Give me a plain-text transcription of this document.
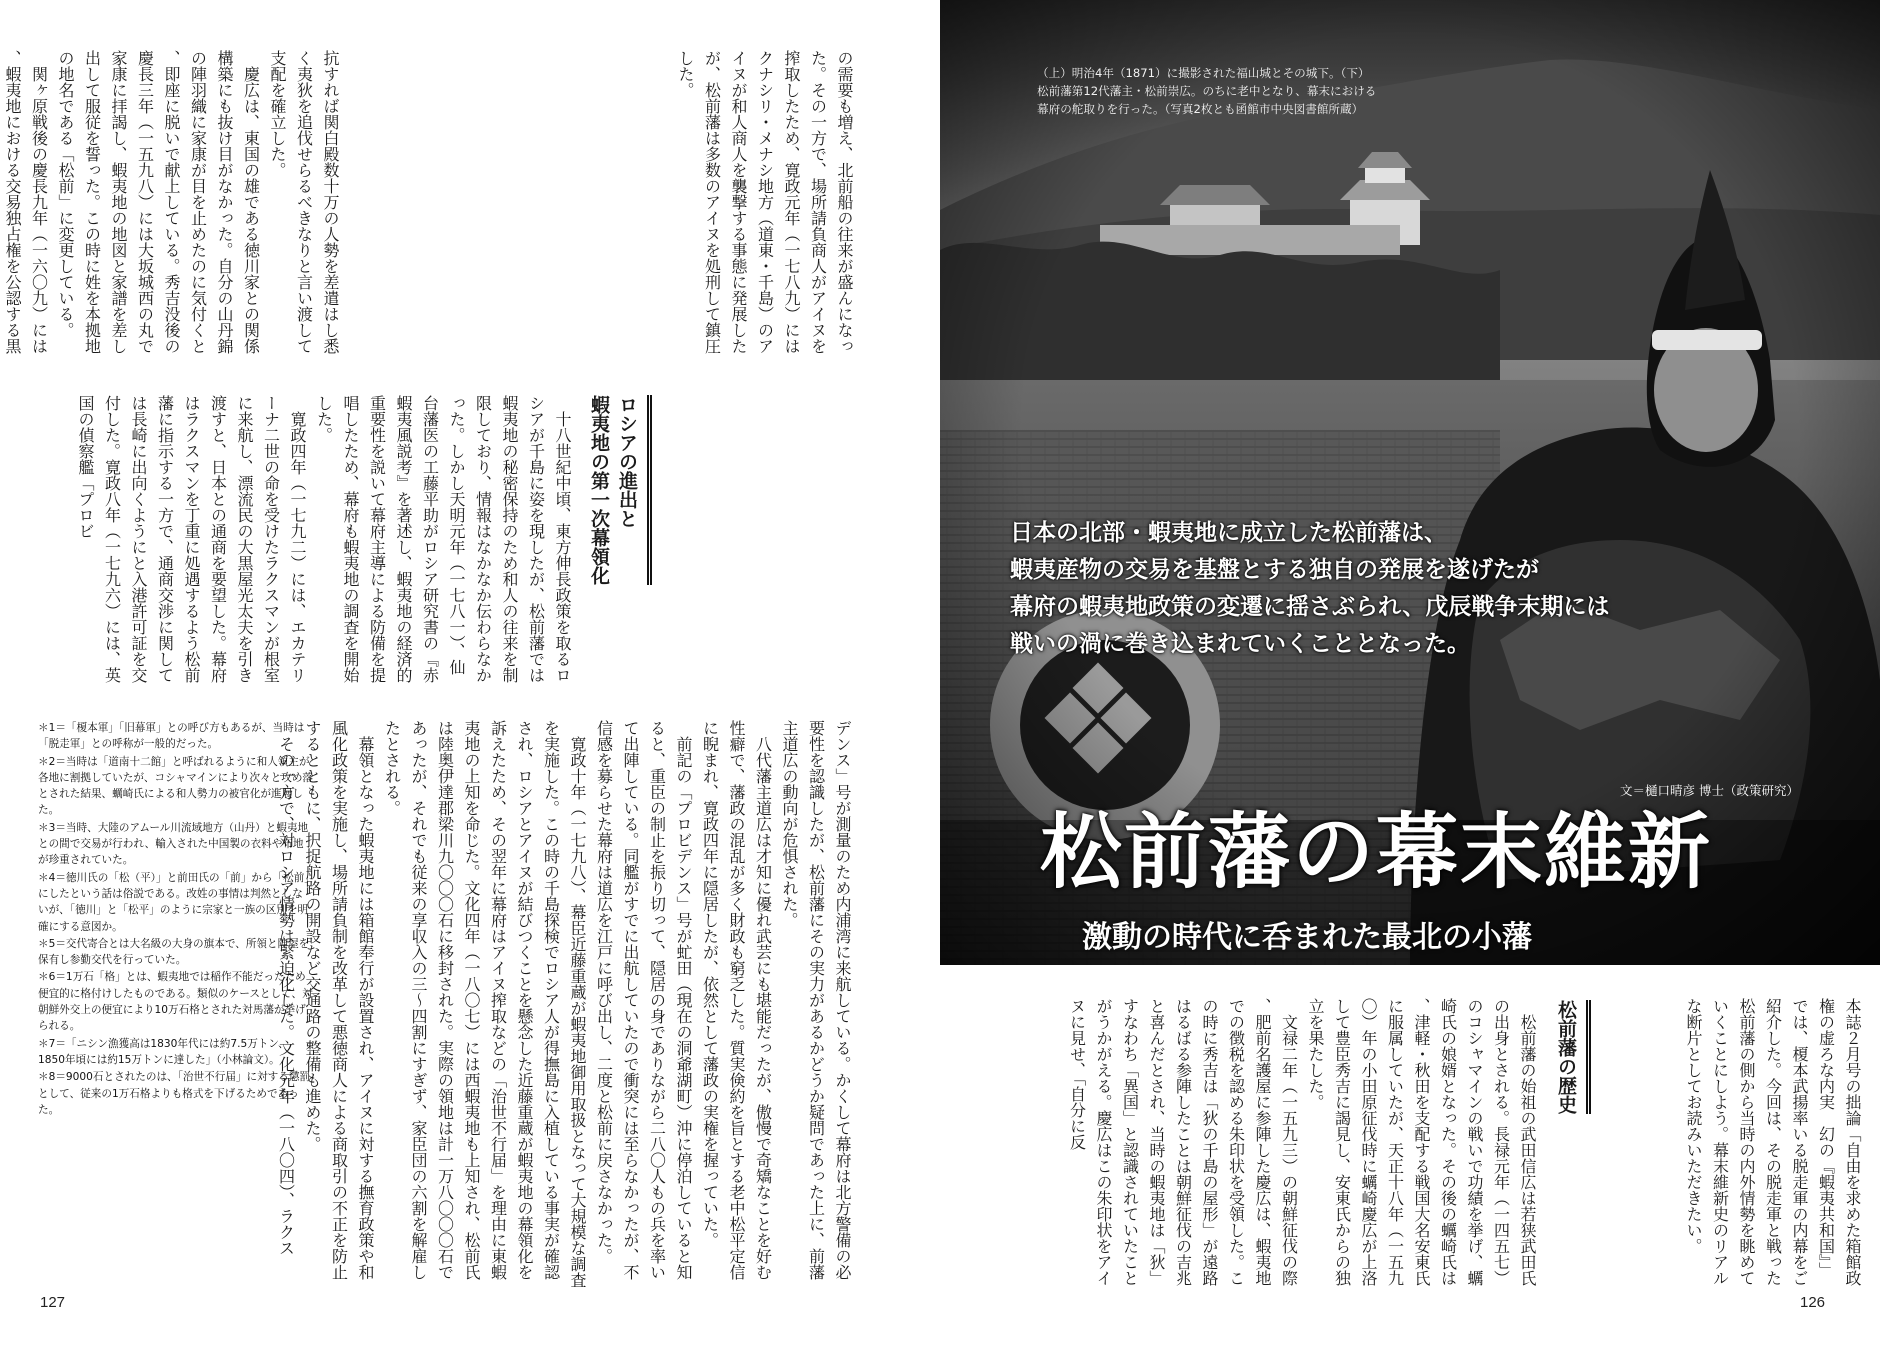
抗すれば関白殿数十万の人勢を差遣はし悉く夷狄を追伐せらるべきなりと言い渡して支配を確立した。
　慶広は、東国の雄である徳川家との関係構築にも抜け目がなかった。自分の山丹錦の陣羽織に家康が目を止めたのに気付くと、即座に脱いで献上している。秀吉没後の慶長三年（一五九八）には大坂城西の丸で家康に拝謁し、蝦夷地の地図と家譜を差し出して服従を誓った。この時に姓を本拠地の地名である「松前」に変更している。
　関ヶ原戦後の慶長九年（一六〇九）には、蝦夷地における交易独占権を公認する黒
　	の需要も増え、北前船の往来が盛んになった。その一方で、場所請負商人がアイヌを搾取したため、寛政元年（一七八九）にはクナシリ・メナシ地方（道東・千島）のアイヌが和人商人を襲撃する事態に発展したが、松前藩は多数のアイヌを処刑して鎮圧した。
ロシアの進出と
蝦夷地の第一次幕領化
　十八世紀中頃、東方伸長政策を取るロシアが千島に姿を現したが、松前藩では蝦夷地の秘密保持のため和人の往来を制限しており、情報はなかなか伝わらなかった。しかし天明元年（一七八一）、仙台藩医の工藤平助がロシア研究書の『赤蝦夷風説考』を著述し、蝦夷地の経済的重要性を説いて幕府主導による防備を提唱したため、幕府も蝦夷地の調査を開始した。
　寛政四年（一七九二）には、エカテリーナ二世の命を受けたラクスマンが根室に来航し、漂流民の大黒屋光太夫を引き渡すと、日本との通商を要望した。幕府はラクスマンを丁重に処遇するよう松前藩に指示する一方で、通商交渉に関しては長崎に出向くようにと入港許可証を交付した。寛政八年（一七九六）には、英国の偵察艦「プロビ
デンス」号が測量のため内浦湾に来航している。かくして幕府は北方警備の必要性を認識したが、松前藩にその実力があるかどうか疑問であった上に、前藩主道広の動向が危惧された。
　八代藩主道広は才知に優れ武芸にも堪能だったが、傲慢で奇矯なことを好む性癖で、藩政の混乱が多く財政も窮乏した。質実倹約を旨とする老中松平定信に睨まれ、寛政四年に隠居したが、依然として藩政の実権を握っていた。
　前記の「プロビデンス」号が虻田（現在の洞爺湖町）沖に停泊していると知ると、重臣の制止を振り切って、隠居の身でありながら二八〇人もの兵を率いて出陣している。同艦がすでに出航していたので衝突には至らなかったが、不信感を募らせた幕府は道広を江戸に呼び出し、二度と松前に戻さなかった。
　寛政十年（一七九八）、幕臣近藤重蔵が蝦夷地御用取扱となって大規模な調査を実施した。この時の千島探検でロシア人が得撫島に入植している事実が確認され、ロシアとアイヌが結びつくことを懸念した近藤重蔵が蝦夷地の幕領化を訴えたため、その翌年に幕府はアイヌ搾取などの「治世不行届」を理由に東蝦夷地の上知を命じた。文化四年（一八〇七）には西蝦夷地も上知され、松前氏は陸奥伊達郡梁川九〇〇〇石に移封された。実際の領地は計一万八〇〇〇石であったが、それでも従来の享収入の三〜四割にすぎず、家臣団の六割を解雇したとされる。
　幕領となった蝦夷地には箱館奉行が設置され、アイヌに対する撫育政策や和風化政策を実施し、場所請負制を改革して悪徳商人による商取引の不正を防止するとともに、択捉航路の開設など交通路の整備も進めた。
　その一方で、対ロシア情勢は緊迫化した。文化元年（一八〇四）、ラクス

＊1＝「榎本軍」「旧幕軍」との呼び方もあるが、当時は「脱走軍」との呼称が一般的だった。

＊2＝当時は「道南十二館」と呼ばれるように和人領主が各地に割拠していたが、コシャマインにより次々と攻め落とされた結果、蠣崎氏による和人勢力の被官化が進展した。

＊3＝当時、大陸のアムール川流域地方（山丹）と蝦夷地との間で交易が行われ、輸入された中国製の衣料や布地が珍重されていた。

＊4＝徳川氏の「松（平）」と前田氏の「前」から「松前」にしたという話は俗説である。改姓の事情は判然としないが、「徳川」と「松平」のように宗家と一族の区別を明確にする意図か。

＊5＝交代寄合とは大名級の大身の旗本で、所領と陣屋を保有し参勤交代を行っていた。

＊6＝1万石「格」とは、蝦夷地では稲作不能だったため便宜的に格付けしたものである。類似のケースとして、対朝鮮外交上の便宜により10万石格とされた対馬藩が挙げられる。

＊7＝「ニシン漁獲高は1830年代には約7.5万トン、1850年頃には約15万トンに達した」（小林論文）。

＊8＝9000石とされたのは、「治世不行届」に対する懲罰として、従来の1万石格よりも格式を下げるためであった。

127
（上）明治4年（1871）に撮影された福山城とその城下。（下）松前藩第12代藩主・松前崇広。のちに老中となり、幕末における幕府の舵取りを行った。（写真2枚とも函館市中央図書館所蔵）
日本の北部・蝦夷地に成立した松前藩は、
蝦夷産物の交易を基盤とする独自の発展を遂げたが
幕府の蝦夷地政策の変遷に揺さぶられ、戊辰戦争末期には
戦いの渦に巻き込まれていくこととなった。
文＝樋口晴彦 博士（政策研究）
松前藩の幕末維新
激動の時代に呑まれた最北の小藩
本誌２月号の拙論「自由を求めた箱館政権の虚ろな内実　幻の『蝦夷共和国』」では、榎本武揚率いる脱走軍の内幕をご紹介した。今回は、その脱走軍と戦った松前藩の側から当時の内外情勢を眺めていくことにしよう。幕末維新史のリアルな断片としてお読みいただきたい。
松前藩の歴史
　松前藩の始祖の武田信広は若狭武田氏の出身とされる。長禄元年（一四五七）のコシャマインの戦いで功績を挙げ、蠣崎氏の娘婿となった。その後の蠣崎氏は、津軽・秋田を支配する戦国大名安東氏に服属していたが、天正十八年（一五九〇）年の小田原征伐時に蠣崎慶広が上洛して豊臣秀吉に謁見し、安東氏からの独立を果たした。
　文禄二年（一五九三）の朝鮮征伐の際、肥前名護屋に参陣した慶広は、蝦夷地での徴税を認める朱印状を受領した。この時に秀吉は「狄の千島の屋形」が遠路はるばる参陣したことは朝鮮征伐の吉兆と喜んだとされ、当時の蝦夷地は「狄」すなわち「異国」と認識されていたことがうかがえる。慶広はこの朱印状をアイヌに見せ、「自分に反
126
